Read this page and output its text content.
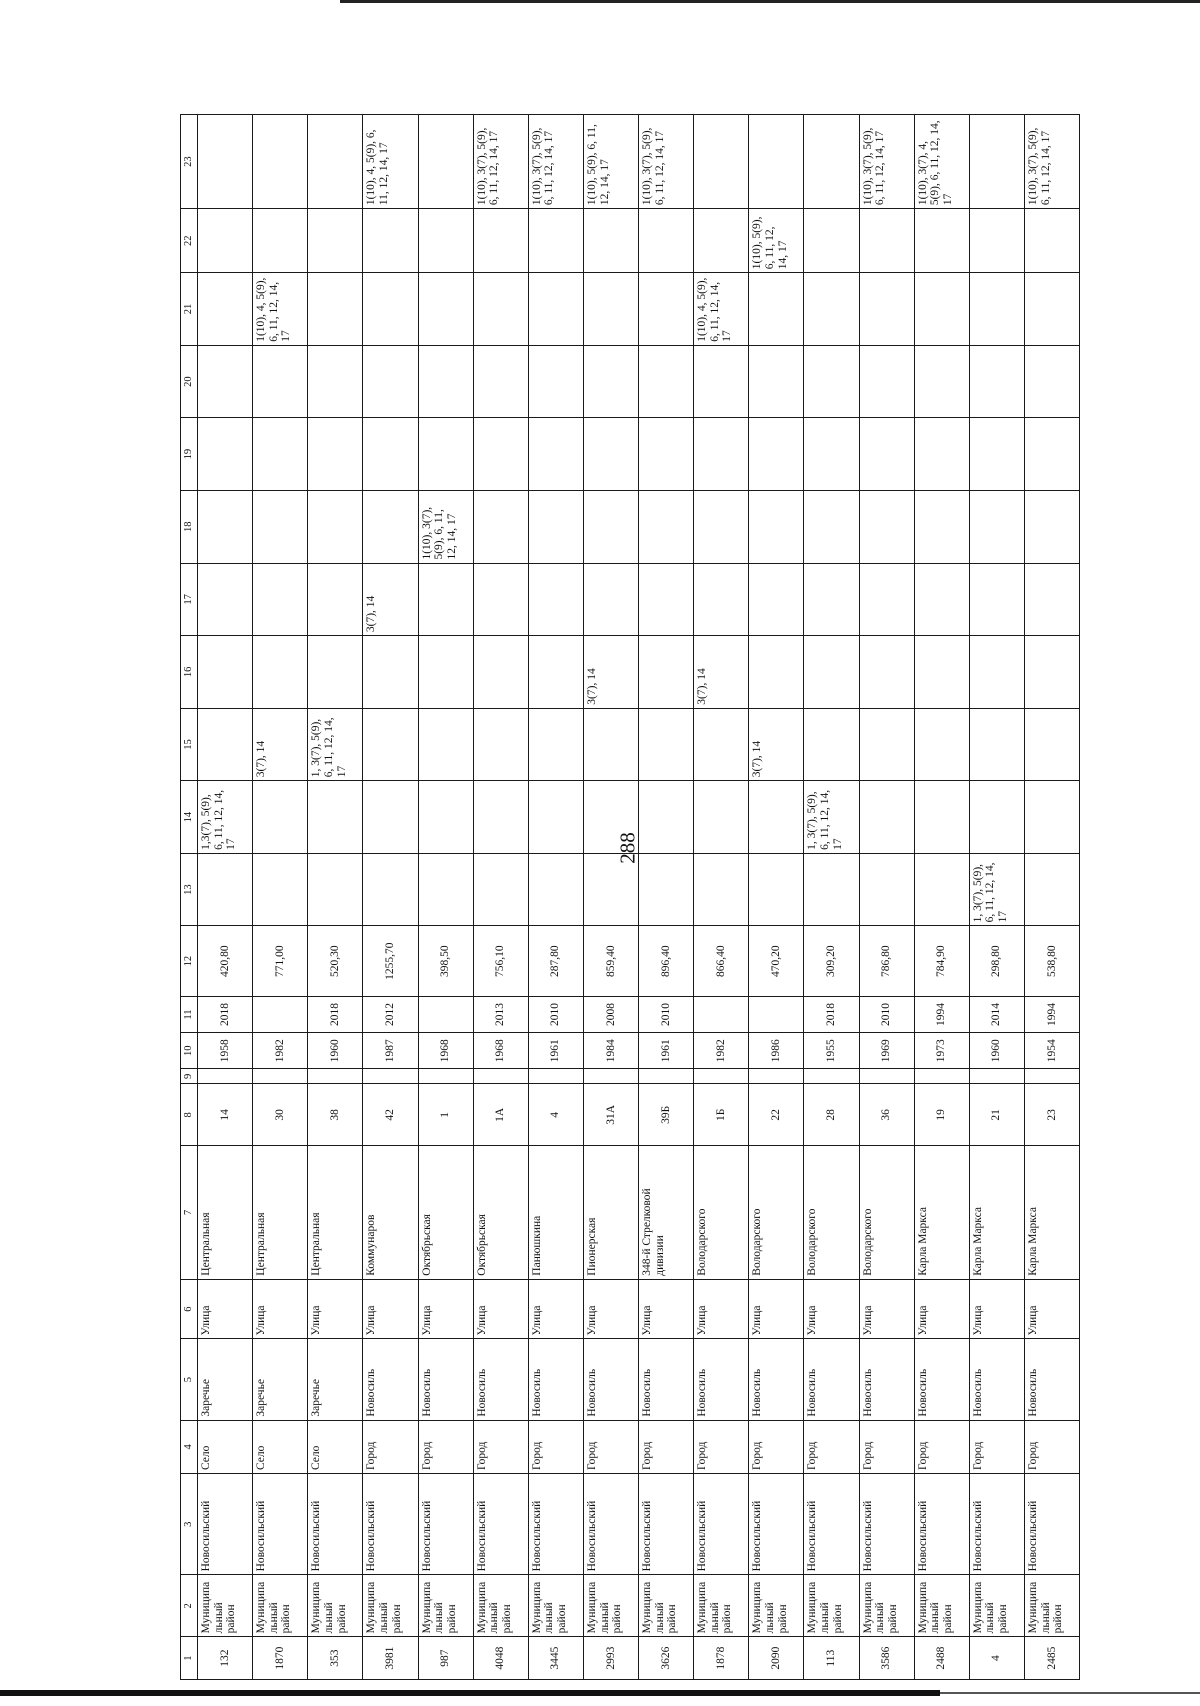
288
1	2	3	4	5	6	7	8	9	10	11	12	13	14	15	16	17	18	19	20	21	22	23
132	Муниципальный район	Новосильский	Село	Заречье	Улица	Центральная	14		1958	2018	420,80		1,3(7), 5(9), 6, 11, 12, 14, 17									
1870	Муниципальный район	Новосильский	Село	Заречье	Улица	Центральная	30		1982		771,00			3(7), 14						1(10), 4, 5(9), 6, 11, 12, 14, 17		
353	Муниципальный район	Новосильский	Село	Заречье	Улица	Центральная	38		1960	2018	520,30			1, 3(7), 5(9), 6, 11, 12, 14, 17								
3981	Муниципальный район	Новосильский	Город	Новосиль	Улица	Коммунаров	42		1987	2012	1255,70					3(7), 14						1(10), 4, 5(9), 6, 11, 12, 14, 17
987	Муниципальный район	Новосильский	Город	Новосиль	Улица	Октябрьская	1		1968		398,50						1(10), 3(7), 5(9), 6, 11, 12, 14, 17					
4048	Муниципальный район	Новосильский	Город	Новосиль	Улица	Октябрьская	1А		1968	2013	756,10											1(10), 3(7), 5(9), 6, 11, 12, 14, 17
3445	Муниципальный район	Новосильский	Город	Новосиль	Улица	Панюшкина	4		1961	2010	287,80											1(10), 3(7), 5(9), 6, 11, 12, 14, 17
2993	Муниципальный район	Новосильский	Город	Новосиль	Улица	Пионерская	31А		1984	2008	859,40				3(7), 14							1(10), 5(9), 6, 11, 12, 14, 17
3626	Муниципальный район	Новосильский	Город	Новосиль	Улица	348-й Стрелковой дивизии	39Б		1961	2010	896,40											1(10), 3(7), 5(9), 6, 11, 12, 14, 17
1878	Муниципальный район	Новосильский	Город	Новосиль	Улица	Володарского	1Б		1982		866,40				3(7), 14					1(10), 4, 5(9), 6, 11, 12, 14, 17		
2090	Муниципальный район	Новосильский	Город	Новосиль	Улица	Володарского	22		1986		470,20			3(7), 14							1(10), 5(9), 6, 11, 12, 14, 17	
113	Муниципальный район	Новосильский	Город	Новосиль	Улица	Володарского	28		1955	2018	309,20		1, 3(7), 5(9), 6, 11, 12, 14, 17									
3586	Муниципальный район	Новосильский	Город	Новосиль	Улица	Володарского	36		1969	2010	786,80											1(10), 3(7), 5(9), 6, 11, 12, 14, 17
2488	Муниципальный район	Новосильский	Город	Новосиль	Улица	Карла Маркса	19		1973	1994	784,90											1(10), 3(7), 4, 5(9), 6, 11, 12, 14, 17
4	Муниципальный район	Новосильский	Город	Новосиль	Улица	Карла Маркса	21		1960	2014	298,80	1, 3(7), 5(9), 6, 11, 12, 14, 17										
2485	Муниципальный район	Новосильский	Город	Новосиль	Улица	Карла Маркса	23		1954	1994	538,80											1(10), 3(7), 5(9), 6, 11, 12, 14, 17
